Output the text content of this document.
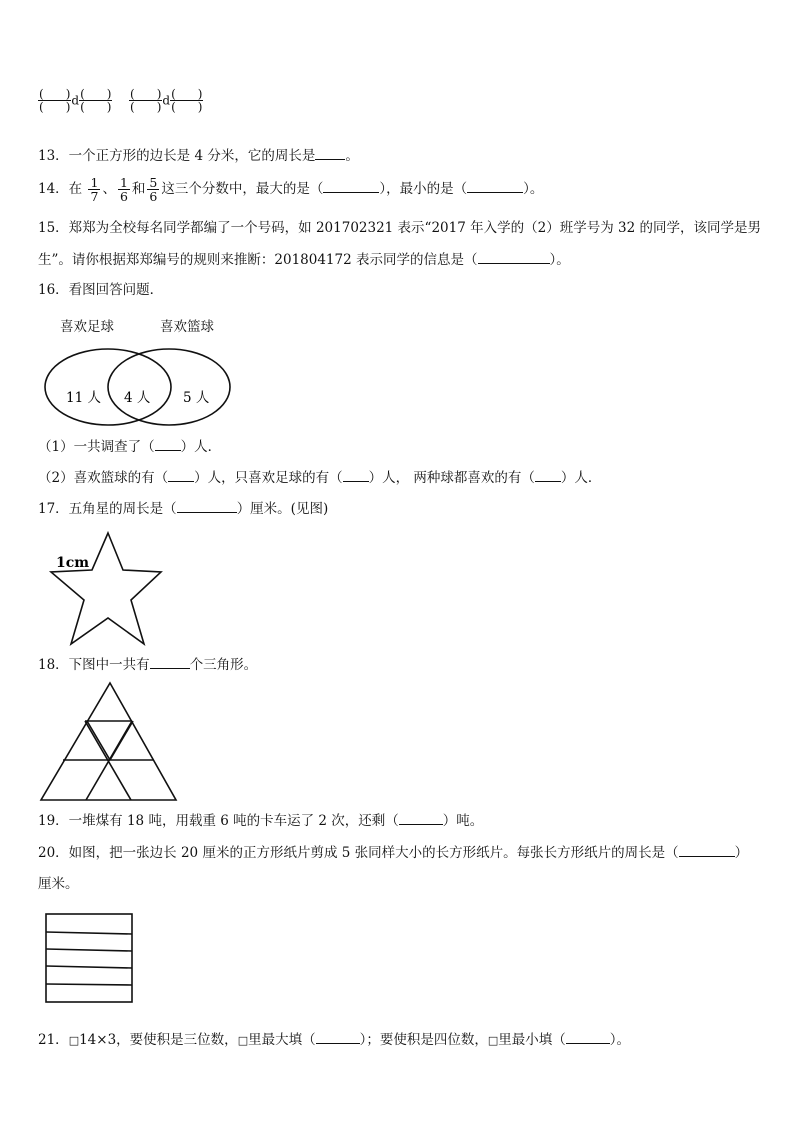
( )
( ) d ( )
( )

( )
( ) d ( )
( )
13．一个正方形的边长是 4 分米，它的周长是 。
14．在 $\frac{1}{7}$ 、 $\frac{1}{6}$ 和 $\frac{5}{6}$ 这三个分数中，最大的是（	），最小的是（	）。
15．郑郑为全校每名同学都编了一个号码，如 201702321 表示“2017 年入学的（2）班学号为 32 的同学，该同学是男
生”。请你根据郑郑编号的规则来推断：201804172 表示同学的信息是（	）。
16．看图回答问题．
喜欢足球	喜欢篮球
11 人 4 人 5 人
（1）一共调查了（ ）人．
（2）喜欢篮球的有（ ）人，只喜欢足球的有（ ）人， 两种球都喜欢的有（ ）人．
17．五角星的周长是（	）厘米。(见图)
1cm
18．下图中一共有	个三角形。
19．一堆煤有 18 吨，用载重 6 吨的卡车运了 2 次，还剩（	）吨。
20．如图，把一张边长 20 厘米的正方形纸片剪成 5 张同样大小的长方形纸片。每张长方形纸片的周长是（	）
厘米。
21．□14×3，要使积是三位数，□里最大填（	）；要使积是四位数，□里最小填（	）。
